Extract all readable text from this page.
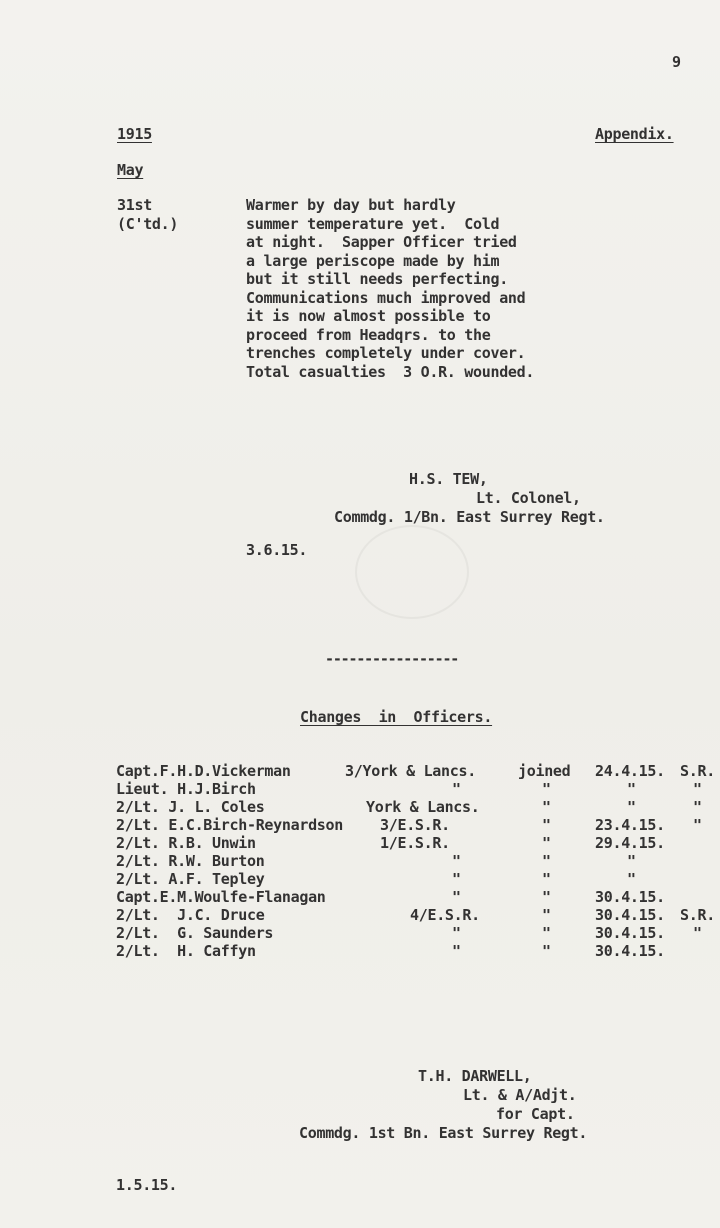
9
1915	Appendix.
May
31st
(C'td.)
Warmer by day but hardly
summer temperature yet.  Cold
at night.  Sapper Officer tried
a large periscope made by him
but it still needs perfecting.
Communications much improved and
it is now almost possible to
proceed from Headqrs. to the
trenches completely under cover.
Total casualties  3 O.R. wounded.
H.S. TEW,
Lt. Colonel,
Commdg. 1/Bn. East Surrey Regt.
3.6.15.
-----------------
Changes  in  Officers.
Capt.F.H.D.Vickerman	3/York & Lancs.	joined 24.4.15. S.R.
Lieut. H.J.Birch	"	"	"	"
2/Lt. J. L. Coles	York & Lancs.	"	"	"
2/Lt. E.C.Birch-Reynardson 3/E.S.R.	"	23.4.15. "
2/Lt. R.B. Unwin	1/E.S.R.	"	29.4.15.
2/Lt. R.W. Burton	"	"	"
2/Lt. A.F. Tepley	"	"	"
Capt.E.M.Woulfe-Flanagan	"	"	30.4.15.
2/Lt.  J.C. Druce	4/E.S.R.	"	30.4.15. S.R.
2/Lt.  G. Saunders	"	"	30.4.15. "
2/Lt.  H. Caffyn	"	"	30.4.15.
T.H. DARWELL,
Lt. & A/Adjt.
for Capt.
Commdg. 1st Bn. East Surrey Regt.
1.5.15.
